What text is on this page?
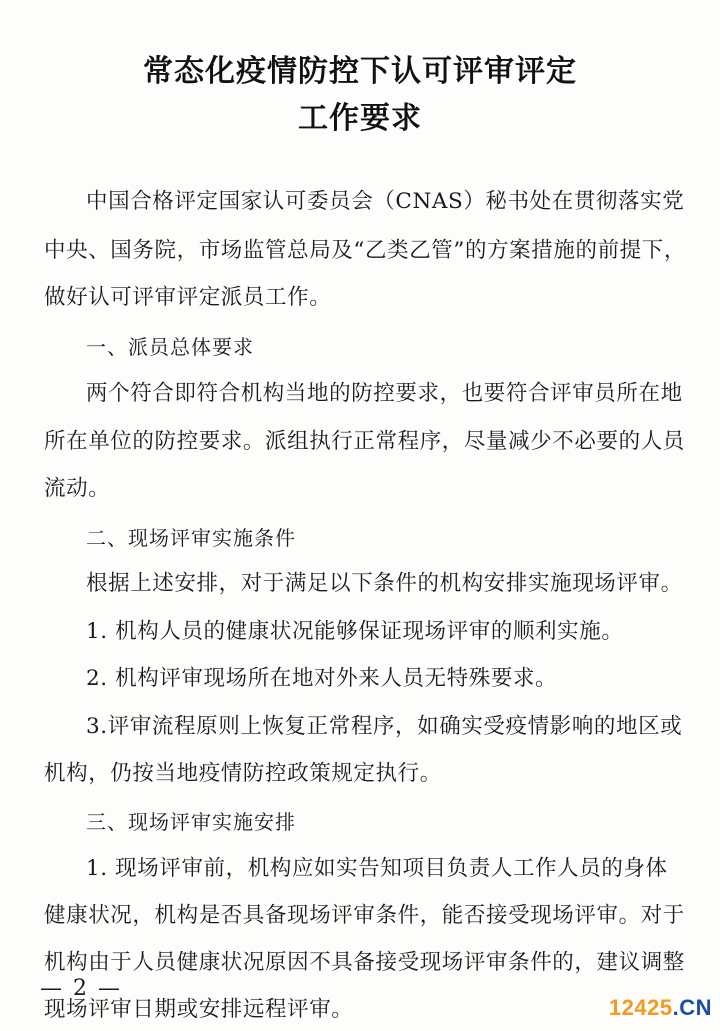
常态化疫情防控下认可评审评定
工作要求
中国合格评定国家认可委员会（CNAS）秘书处在贯彻落实党
中央、国务院，市场监管总局及“乙类乙管”的方案措施的前提下，
做好认可评审评定派员工作。
一、派员总体要求
两个符合即符合机构当地的防控要求，也要符合评审员所在地
所在单位的防控要求。派组执行正常程序，尽量减少不必要的人员
流动。
二、现场评审实施条件
根据上述安排，对于满足以下条件的机构安排实施现场评审。
1. 机构人员的健康状况能够保证现场评审的顺利实施。
2. 机构评审现场所在地对外来人员无特殊要求。
3.评审流程原则上恢复正常程序，如确实受疫情影响的地区或
机构，仍按当地疫情防控政策规定执行。
三、现场评审实施安排
1. 现场评审前，机构应如实告知项目负责人工作人员的身体
健康状况，机构是否具备现场评审条件，能否接受现场评审。对于
机构由于人员健康状况原因不具备接受现场评审条件的，建议调整
现场评审日期或安排远程评审。
— 2 —
12425.CN
